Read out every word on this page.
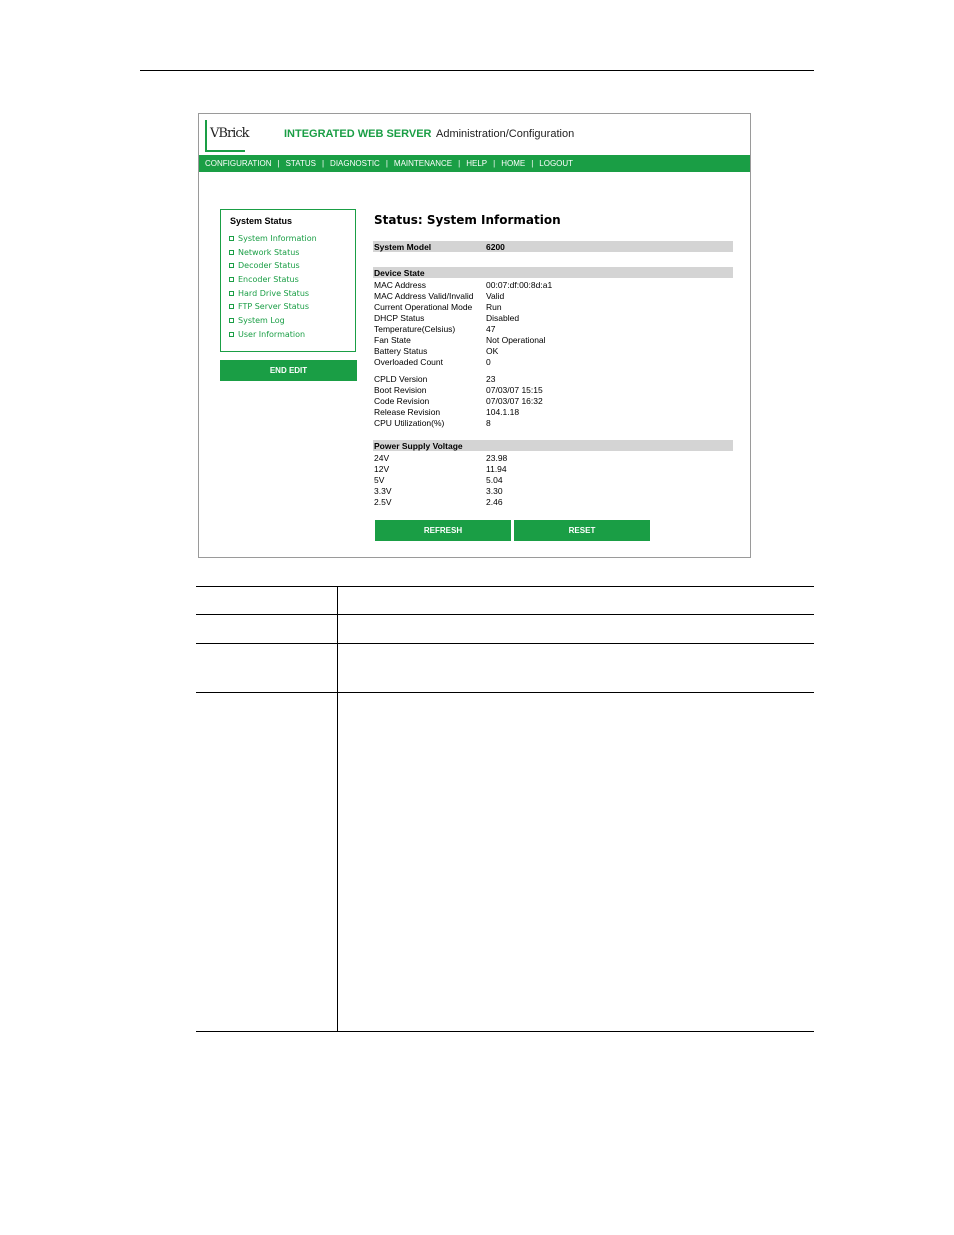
VBrick	INTEGRATED WEB SERVER Administration/Configuration
CONFIGURATION | STATUS | DIAGNOSTIC | MAINTENANCE | HELP | HOME | LOGOUT
System Status
System Information
Network Status
Decoder Status
Encoder Status
Hard Drive Status
FTP Server Status
System Log
User Information
END EDIT
Status: System Information
System Model	6200
Device State
MAC Address	00:07:df:00:8d:a1
MAC Address Valid/Invalid Valid
Current Operational Mode Run
DHCP Status	Disabled
Temperature(Celsius)	47
Fan State	Not Operational
Battery Status	OK
Overloaded Count	0
CPLD Version	23
Boot Revision	07/03/07 15:15
Code Revision	07/03/07 16:32
Release Revision	104.1.18
CPU Utilization(%)	8
Power Supply Voltage
24V	23.98
12V	11.94
5V	5.04
3.3V	3.30
2.5V	2.46
REFRESH	RESET
